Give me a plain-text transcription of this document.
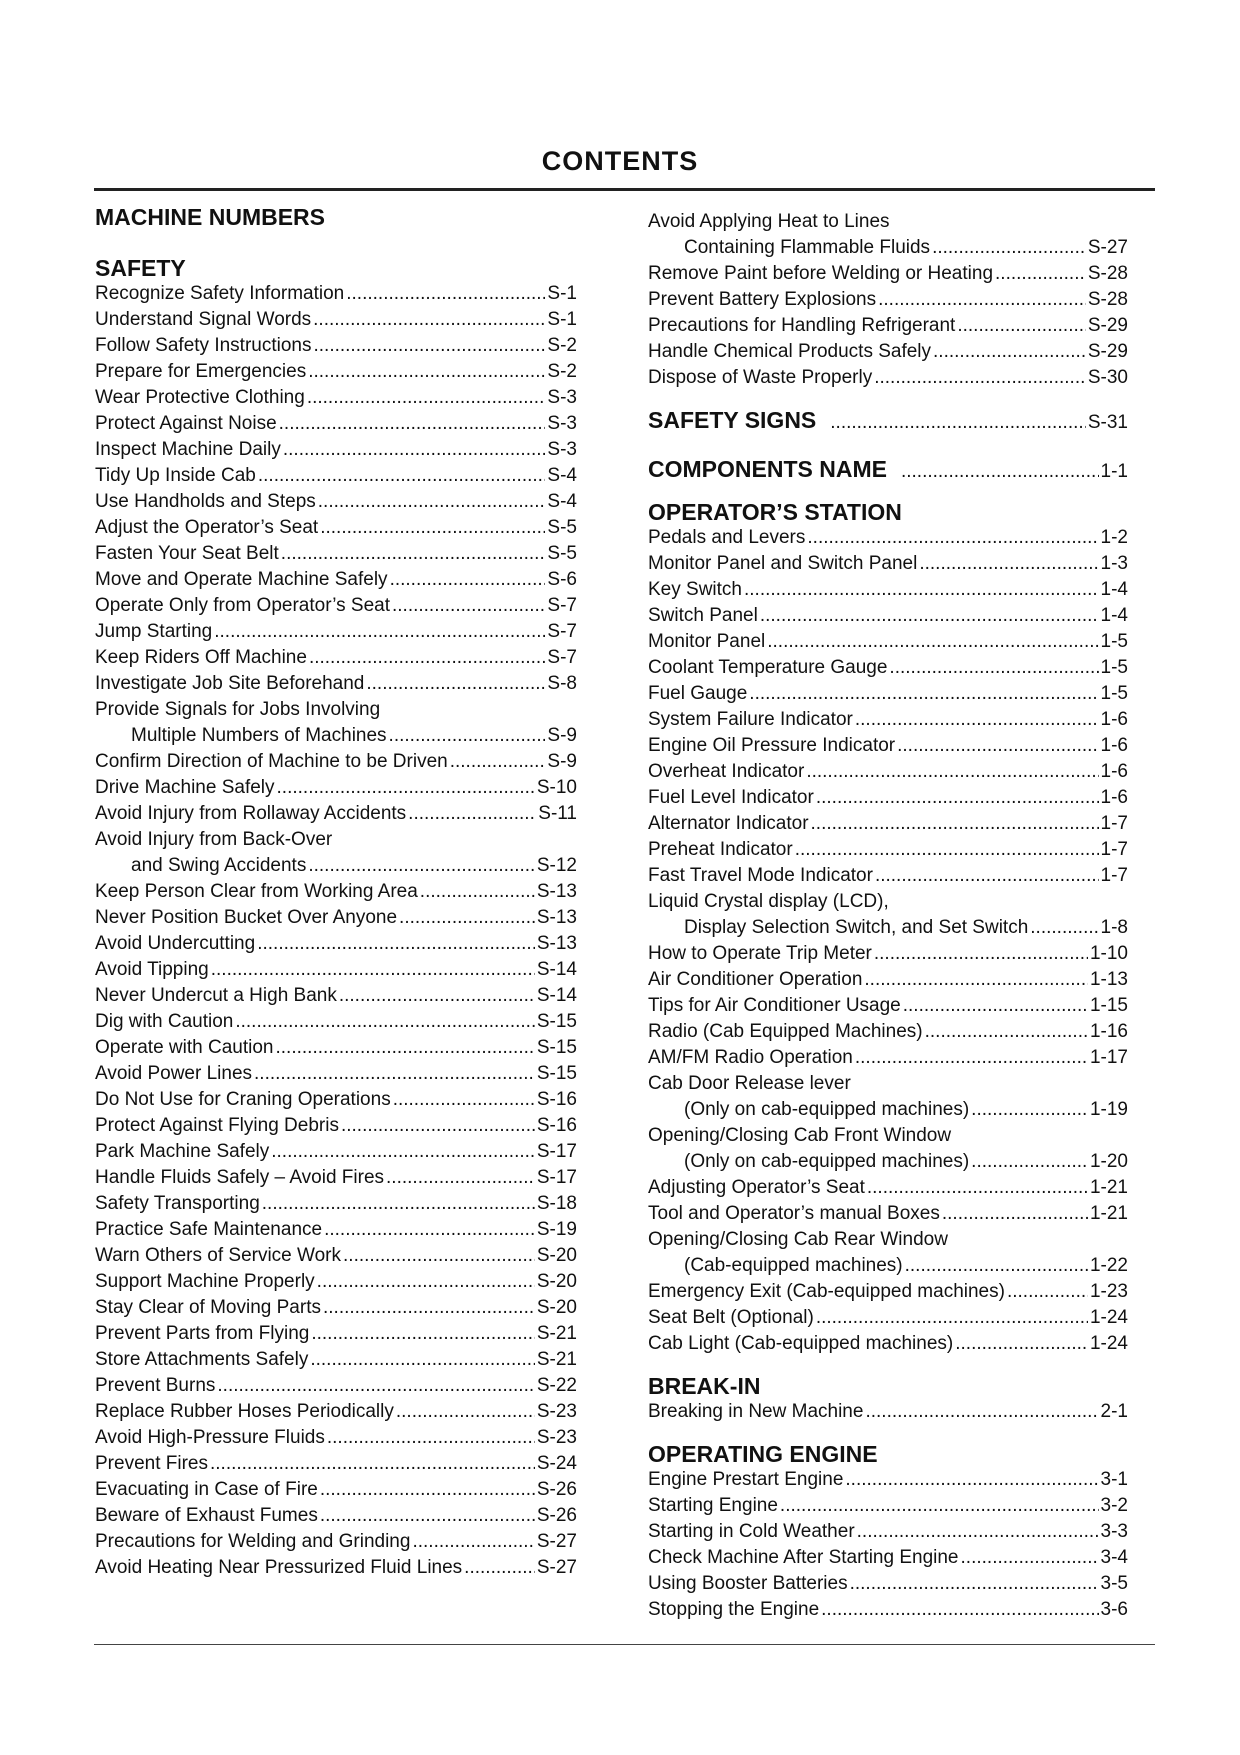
CONTENTS
MACHINE NUMBERS
SAFETY
Recognize Safety Information .....	S-1
Understand Signal Words .....	S-1
Follow Safety Instructions .....	S-2
Prepare for Emergencies .....	S-2
Wear Protective Clothing .....	S-3
Protect Against Noise .....	S-3
Inspect Machine Daily .....	S-3
Tidy Up Inside Cab .....	S-4
Use Handholds and Steps .....	S-4
Adjust the Operator’s Seat .....	S-5
Fasten Your Seat Belt .....	S-5
Move and Operate Machine Safely .....	S-6
Operate Only from Operator’s Seat .....	S-7
Jump Starting .....	S-7
Keep Riders Off Machine .....	S-7
Investigate Job Site Beforehand .....	S-8
Provide Signals for Jobs Involving
Multiple Numbers of Machines .....	S-9
Confirm Direction of Machine to be Driven .....	S-9
Drive Machine Safely .....	S-10
Avoid Injury from Rollaway Accidents .....	S-11
Avoid Injury from Back-Over
and Swing Accidents .....	S-12
Keep Person Clear from Working Area .....	S-13
Never Position Bucket Over Anyone .....	S-13
Avoid Undercutting .....	S-13
Avoid Tipping .....	S-14
Never Undercut a High Bank .....	S-14
Dig with Caution .....	S-15
Operate with Caution .....	S-15
Avoid Power Lines .....	S-15
Do Not Use for Craning Operations .....	S-16
Protect Against Flying Debris .....	S-16
Park Machine Safely .....	S-17
Handle Fluids Safely – Avoid Fires .....	S-17
Safety Transporting .....	S-18
Practice Safe Maintenance .....	S-19
Warn Others of Service Work .....	S-20
Support Machine Properly .....	S-20
Stay Clear of Moving Parts .....	S-20
Prevent Parts from Flying .....	S-21
Store Attachments Safely .....	S-21
Prevent Burns .....	S-22
Replace Rubber Hoses Periodically .....	S-23
Avoid High-Pressure Fluids .....	S-23
Prevent Fires .....	S-24
Evacuating in Case of Fire .....	S-26
Beware of Exhaust Fumes .....	S-26
Precautions for Welding and Grinding .....	S-27
Avoid Heating Near Pressurized Fluid Lines .....	S-27
Avoid Applying Heat to Lines
Containing Flammable Fluids .....	S-27
Remove Paint before Welding or Heating .....	S-28
Prevent Battery Explosions .....	S-28
Precautions for Handling Refrigerant .....	S-29
Handle Chemical Products Safely .....	S-29
Dispose of Waste Properly .....	S-30
SAFETY SIGNS .....	S-31
COMPONENTS NAME .....	1-1
OPERATOR’S STATION
Pedals and Levers .....	1-2
Monitor Panel and Switch Panel .....	1-3
Key Switch .....	1-4
Switch Panel .....	1-4
Monitor Panel .....	1-5
Coolant Temperature Gauge .....	1-5
Fuel Gauge .....	1-5
System Failure Indicator .....	1-6
Engine Oil Pressure Indicator .....	1-6
Overheat Indicator .....	1-6
Fuel Level Indicator .....	1-6
Alternator Indicator .....	1-7
Preheat Indicator .....	1-7
Fast Travel Mode Indicator .....	1-7
Liquid Crystal display (LCD),
Display Selection Switch, and Set Switch .....	1-8
How to Operate Trip Meter .....	1-10
Air Conditioner Operation .....	1-13
Tips for Air Conditioner Usage .....	1-15
Radio (Cab Equipped Machines) .....	1-16
AM/FM Radio Operation .....	1-17
Cab Door Release lever
(Only on cab-equipped machines) .....	1-19
Opening/Closing Cab Front Window
(Only on cab-equipped machines) .....	1-20
Adjusting Operator’s Seat .....	1-21
Tool and Operator’s manual Boxes .....	1-21
Opening/Closing Cab Rear Window
(Cab-equipped machines) .....	1-22
Emergency Exit (Cab-equipped machines) .....	1-23
Seat Belt (Optional) .....	1-24
Cab Light (Cab-equipped machines) .....	1-24
BREAK-IN
Breaking in New Machine .....	2-1
OPERATING ENGINE
Engine Prestart Engine .....	3-1
Starting Engine .....	3-2
Starting in Cold Weather .....	3-3
Check Machine After Starting Engine .....	3-4
Using Booster Batteries .....	3-5
Stopping the Engine .....	3-6
